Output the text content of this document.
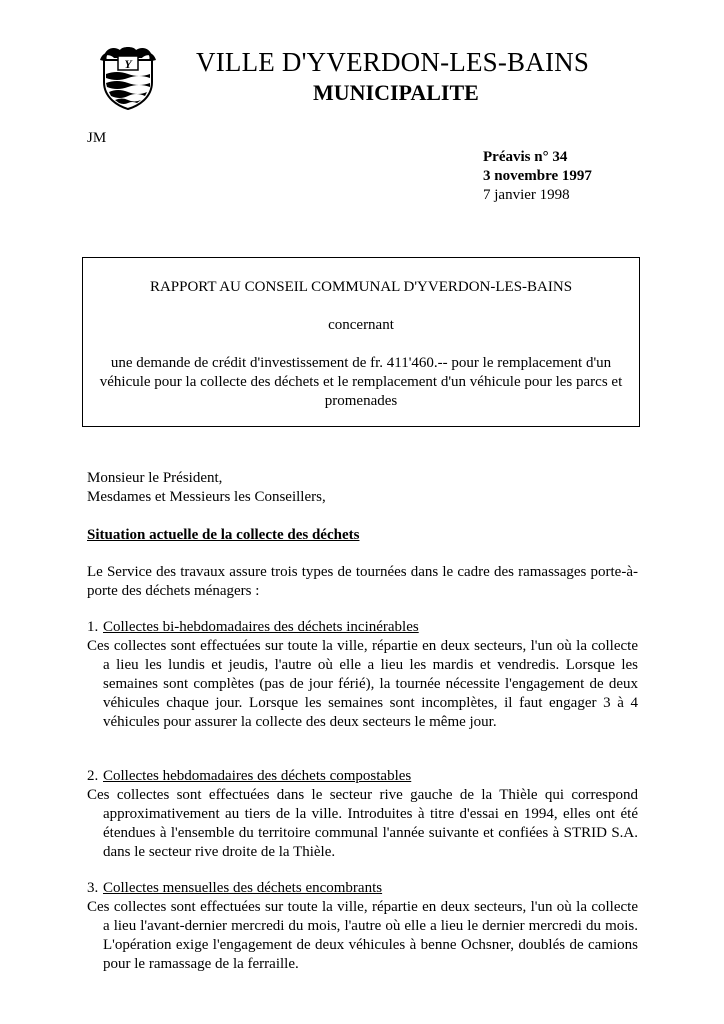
Y VILLE D'YVERDON-LES-BAINS
MUNICIPALITE
JM
Préavis n° 34
3 novembre 1997
7 janvier 1998

RAPPORT AU CONSEIL COMMUNAL D'YVERDON-LES-BAINS

concernant

une demande de crédit d'investissement de fr. 411'460.-- pour le remplacement d'un véhicule pour la collecte des déchets et le remplacement d'un véhicule pour les parcs et promenades

Monsieur le Président,
Mesdames et Messieurs les Conseillers,
Situation actuelle de la collecte des déchets
Le Service des travaux assure trois types de tournées dans le cadre des ramassages porte-à-porte des déchets ménagers :

1. Collectes bi-hebdomadaires des déchets incinérables

Ces collectes sont effectuées sur toute la ville, répartie en deux secteurs, l'un où la collecte a lieu les lundis et jeudis, l'autre où elle a lieu les mardis et vendredis. Lorsque les semaines sont complètes (pas de jour férié), la tournée nécessite l'engagement de deux véhicules chaque jour. Lorsque les semaines sont incomplètes, il faut engager 3 à 4 véhicules pour assurer la collecte des deux secteurs le même jour.

2. Collectes hebdomadaires des déchets compostables

Ces collectes sont effectuées dans le secteur rive gauche de la Thièle qui correspond approximativement au tiers de la ville. Introduites à titre d'essai en 1994, elles ont été étendues à l'ensemble du territoire communal l'année suivante et confiées à STRID S.A. dans le secteur rive droite de la Thièle.

3. Collectes mensuelles des déchets encombrants

Ces collectes sont effectuées sur toute la ville, répartie en deux secteurs, l'un où la collecte a lieu l'avant-dernier mercredi du mois, l'autre où elle a lieu le dernier mercredi du mois. L'opération exige l'engagement de deux véhicules à benne Ochsner, doublés de camions pour le ramassage de la ferraille.
